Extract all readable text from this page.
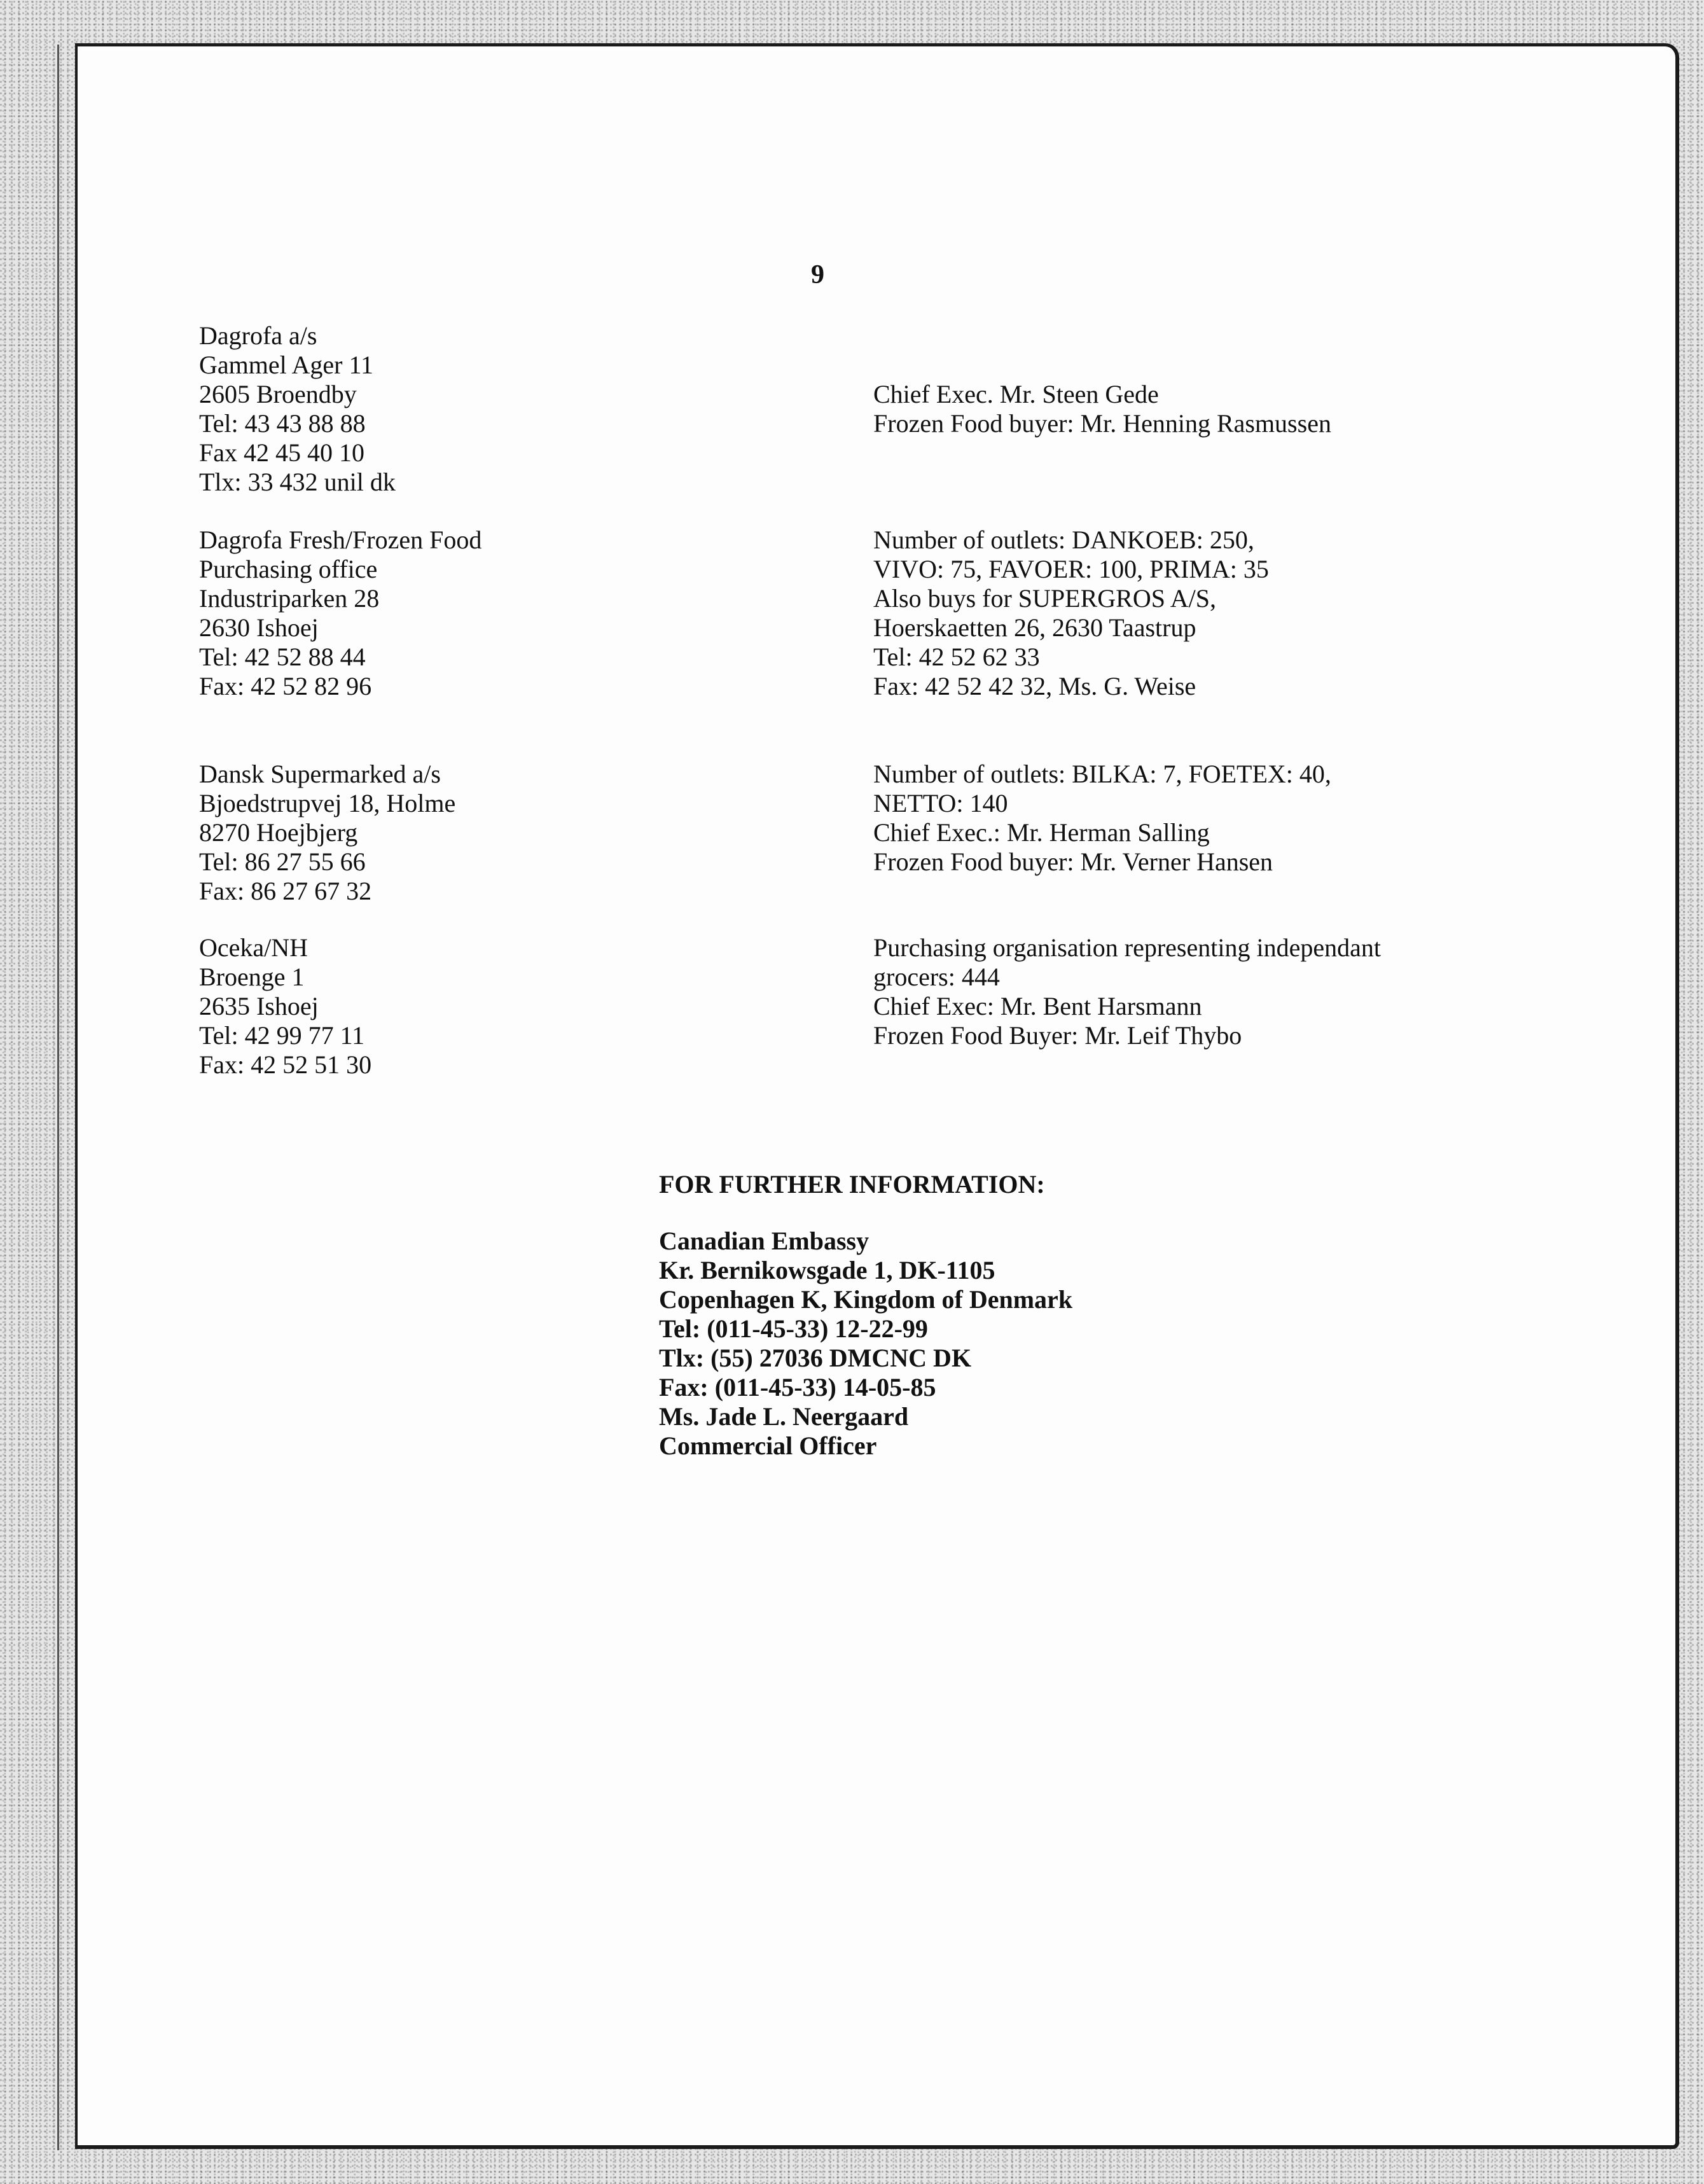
9
Dagrofa a/s
Gammel Ager 11
2605 Broendby
Tel: 43 43 88 88
Fax 42 45 40 10
Tlx: 33 432 unil dk
Chief Exec. Mr. Steen Gede
Frozen Food buyer: Mr. Henning Rasmussen
Dagrofa Fresh/Frozen Food
Purchasing office
Industriparken 28
2630 Ishoej
Tel: 42 52 88 44
Fax: 42 52 82 96
Number of outlets: DANKOEB: 250,
VIVO: 75, FAVOER: 100, PRIMA: 35
Also buys for SUPERGROS A/S,
Hoerskaetten 26, 2630 Taastrup
Tel: 42 52 62 33
Fax: 42 52 42 32, Ms. G. Weise
Dansk Supermarked a/s
Bjoedstrupvej 18, Holme
8270 Hoejbjerg
Tel: 86 27 55 66
Fax: 86 27 67 32
Number of outlets: BILKA: 7, FOETEX: 40,
NETTO: 140
Chief Exec.: Mr. Herman Salling
Frozen Food buyer: Mr. Verner Hansen
Oceka/NH
Broenge 1
2635 Ishoej
Tel: 42 99 77 11
Fax: 42 52 51 30
Purchasing organisation representing independant
grocers: 444
Chief Exec: Mr. Bent Harsmann
Frozen Food Buyer: Mr. Leif Thybo
FOR FURTHER INFORMATION:
Canadian Embassy
Kr. Bernikowsgade 1, DK-1105
Copenhagen K, Kingdom of Denmark
Tel: (011-45-33) 12-22-99
Tlx: (55) 27036 DMCNC DK
Fax: (011-45-33) 14-05-85
Ms. Jade L. Neergaard
Commercial Officer
